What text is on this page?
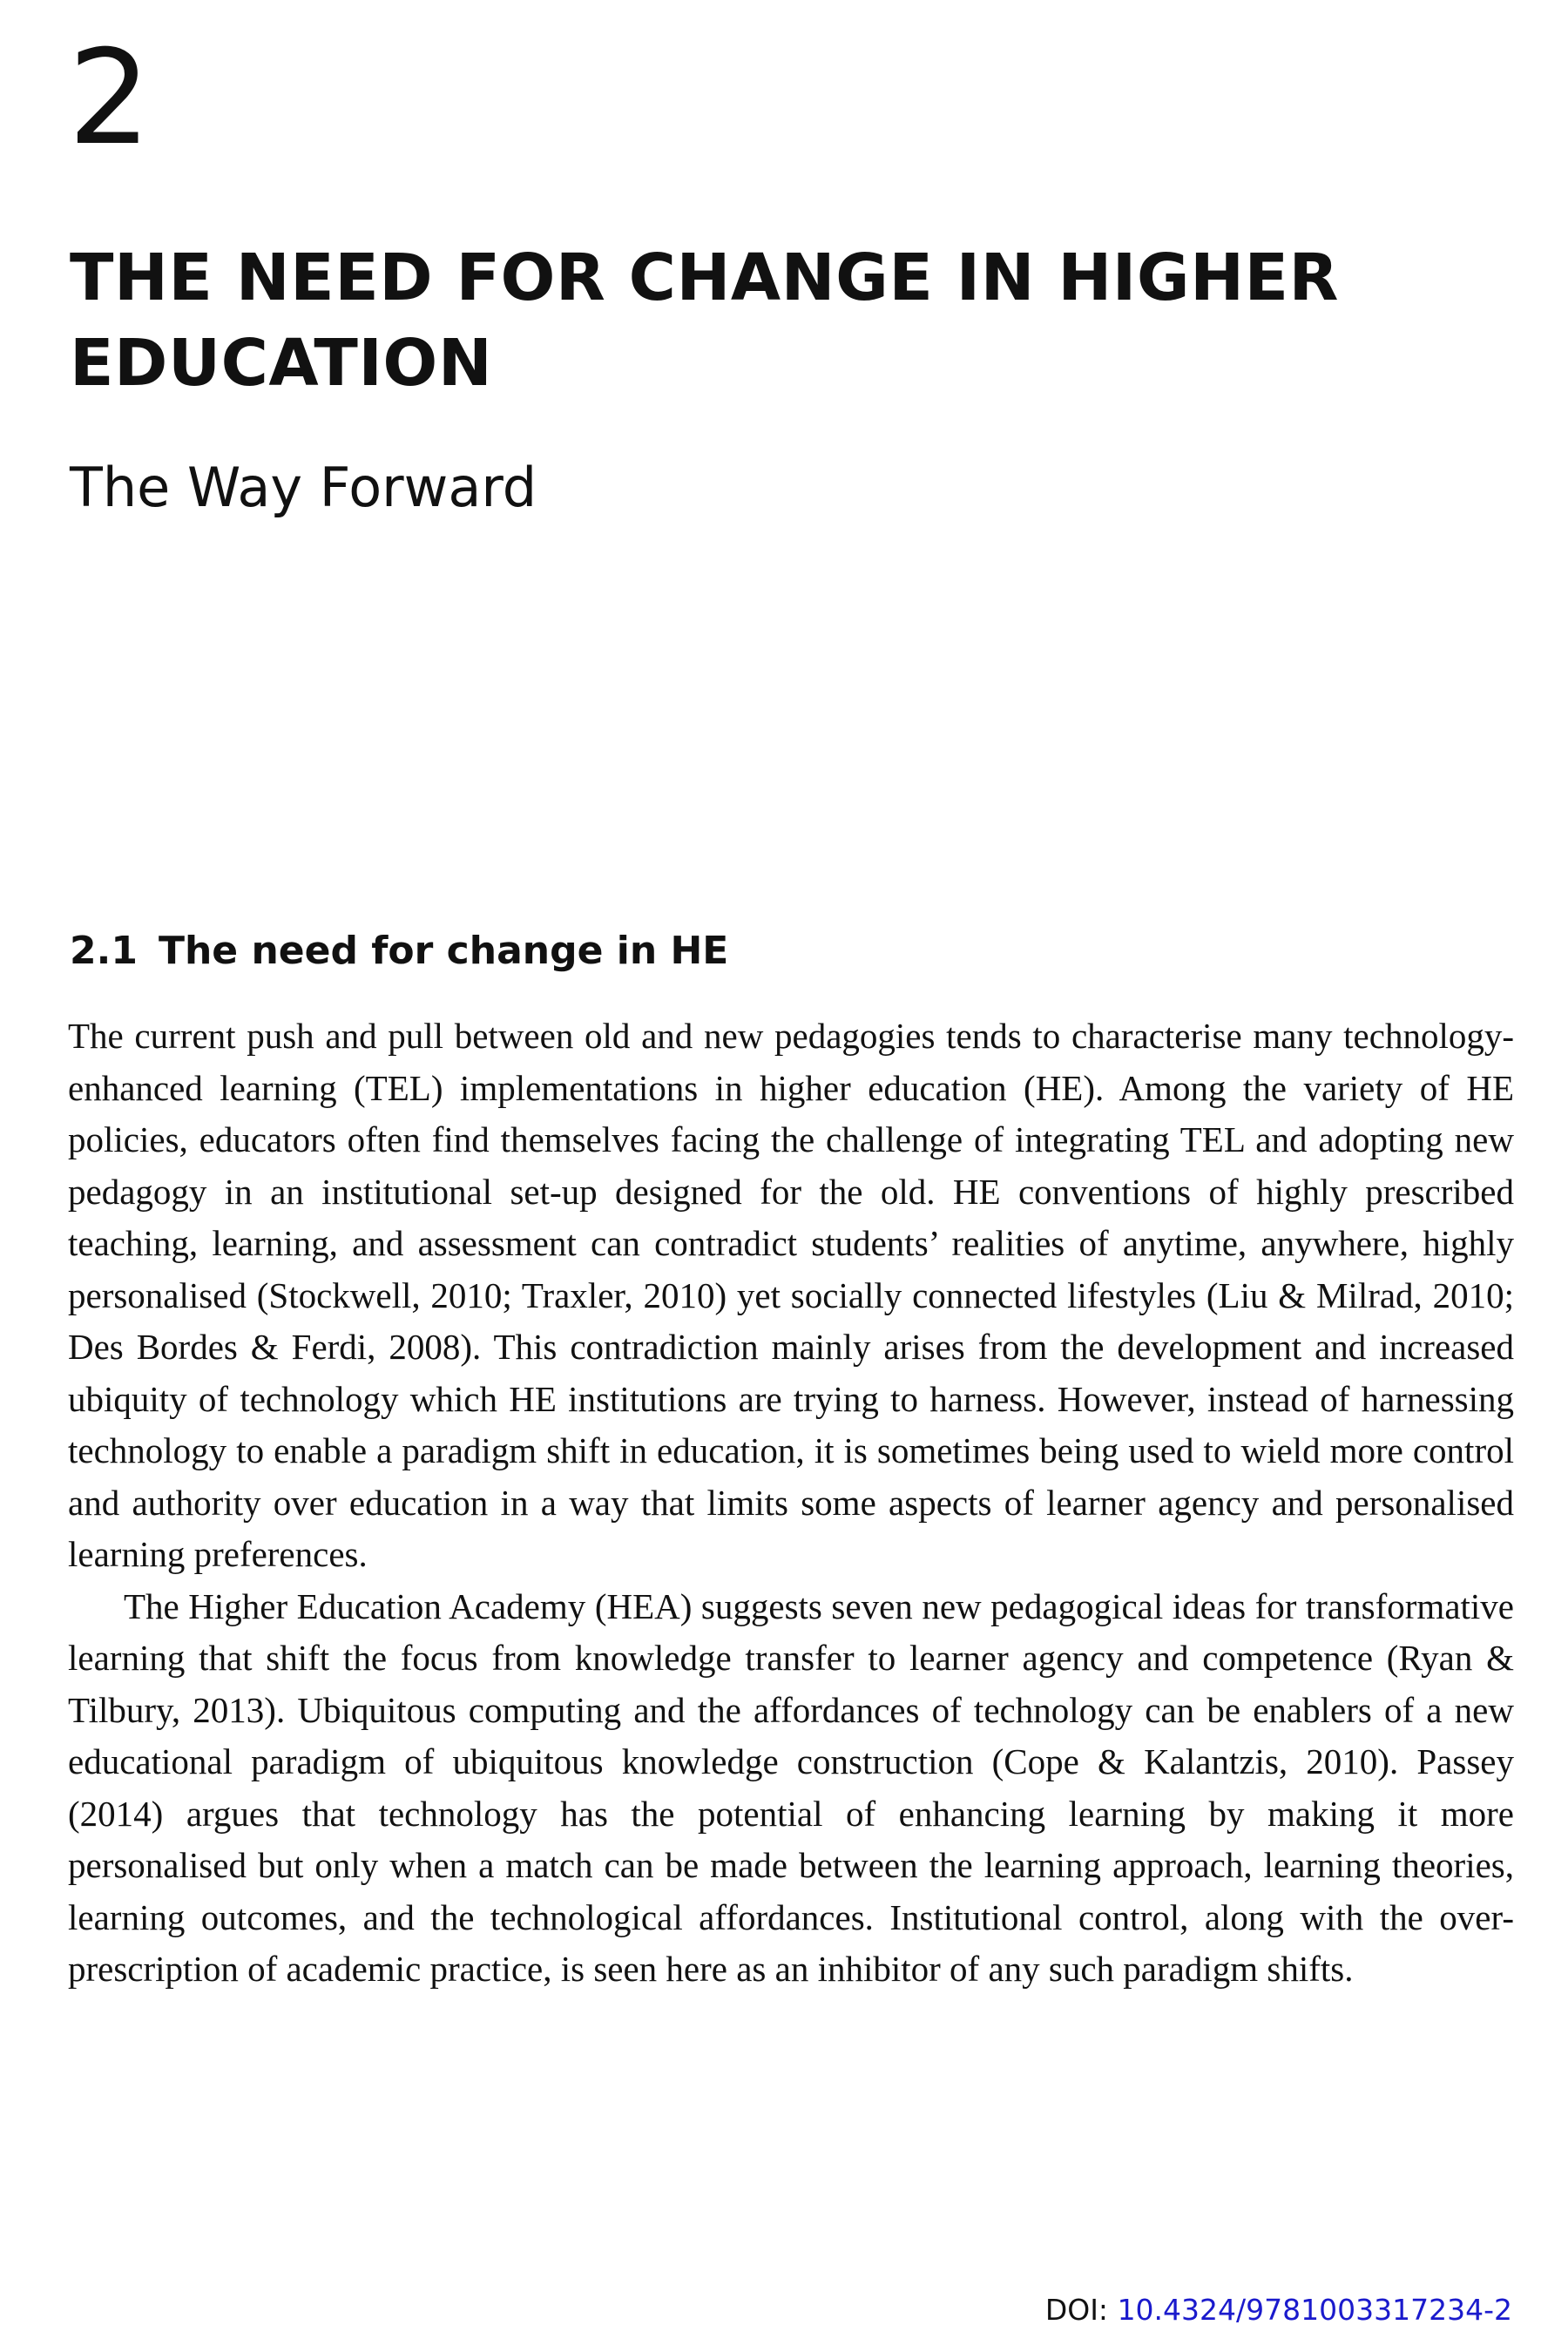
2
THE NEED FOR CHANGE IN HIGHER EDUCATION
The Way Forward
2.1 The need for change in HE

The current push and pull between old and new pedagogies tends to characterise many technology-enhanced learning (TEL) implementations in higher education (HE). Among the variety of HE policies, educators often find themselves facing the challenge of integrating TEL and adopting new pedagogy in an institutional set-up designed for the old. HE conventions of highly prescribed teaching, learning, and assessment can contradict students’ realities of anytime, anywhere, highly personalised (Stockwell, 2010; Traxler, 2010) yet socially connected lifestyles (Liu & Milrad, 2010; Des Bordes & Ferdi, 2008). This contradiction mainly arises from the development and increased ubiquity of technology which HE institutions are trying to harness. However, instead of harnessing technology to enable a paradigm shift in education, it is sometimes being used to wield more control and authority over education in a way that limits some aspects of learner agency and personalised learning preferences.

The Higher Education Academy (HEA) suggests seven new pedagogical ideas for transformative learning that shift the focus from knowledge transfer to learner agency and competence (Ryan & Tilbury, 2013). Ubiquitous computing and the affordances of technology can be enablers of a new educational paradigm of ubiquitous knowledge construction (Cope & Kalantzis, 2010). Passey (2014) argues that technology has the potential of enhancing learning by making it more personalised but only when a match can be made between the learning approach, learning theories, learning outcomes, and the technological affordances. Institutional control, along with the over-prescription of academic practice, is seen here as an inhibitor of any such paradigm shifts.

DOI: 10.4324/9781003317234-2
